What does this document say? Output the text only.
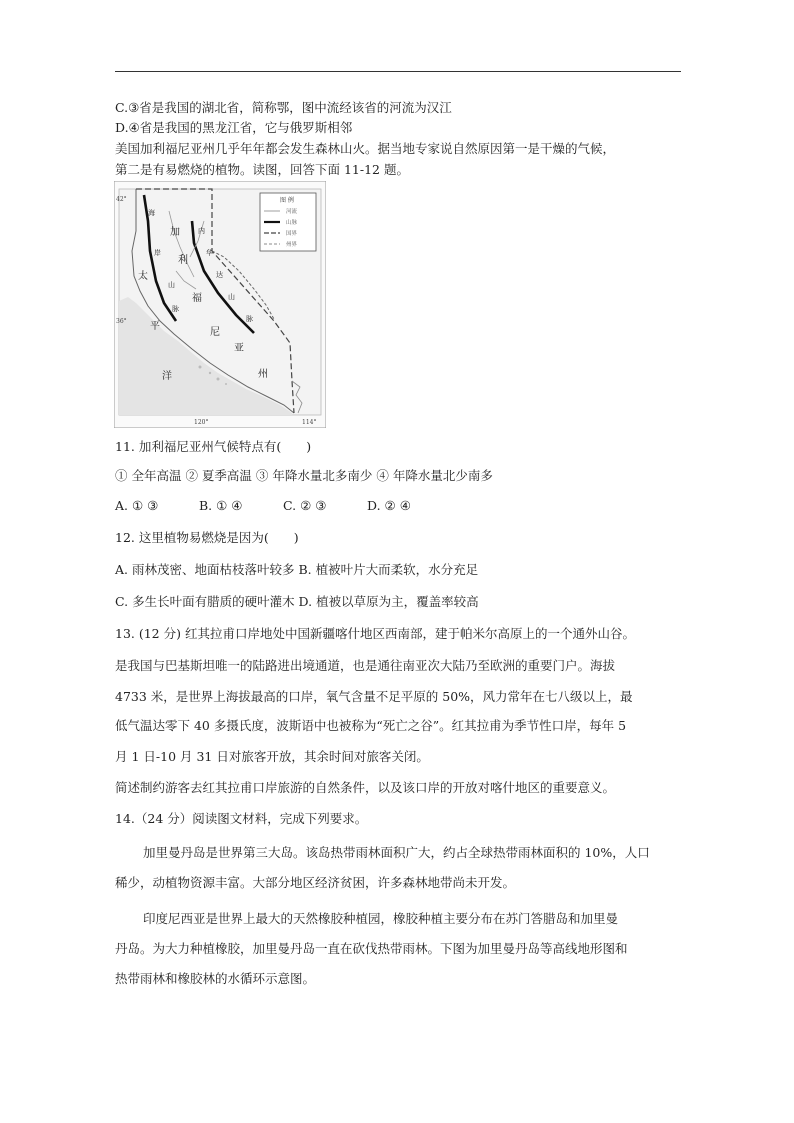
C.③省是我国的湖北省，简称鄂，图中流经该省的河流为汉江
D.④省是我国的黑龙江省，它与俄罗斯相邻
美国加利福尼亚州几乎年年都会发生森林山火。据当地专家说自然原因第一是干燥的气候，
第二是有易燃烧的植物。读图，回答下面 11-12 题。
图 例
河流
山脉
国界
州界
42°
36°
120°	114°
太
平
洋
加
利
福
尼
亚
州
海
岸
山
脉
内
华
达
山
脉
11. 加利福尼亚州气候特点有(　　)
① 全年高温 ② 夏季高温 ③ 年降水量北多南少 ④ 年降水量北少南多
A. ① ③	B. ① ④	C. ② ③	D. ② ④
12. 这里植物易燃烧是因为(　　)
A. 雨林茂密、地面枯枝落叶较多 B. 植被叶片大而柔软，水分充足
C. 多生长叶面有腊质的硬叶灌木 D. 植被以草原为主，覆盖率较高
13. (12 分) 红其拉甫口岸地处中国新疆喀什地区西南部，建于帕米尔高原上的一个通外山谷。
是我国与巴基斯坦唯一的陆路进出境通道，也是通往南亚次大陆乃至欧洲的重要门户。海拔
4733 米，是世界上海拔最高的口岸，氧气含量不足平原的 50%，风力常年在七八级以上，最
低气温达零下 40 多摄氏度，波斯语中也被称为“死亡之谷”。红其拉甫为季节性口岸，每年 5
月 1 日-10 月 31 日对旅客开放，其余时间对旅客关闭。
简述制约游客去红其拉甫口岸旅游的自然条件，以及该口岸的开放对喀什地区的重要意义。
14.（24 分）阅读图文材料，完成下列要求。
加里曼丹岛是世界第三大岛。该岛热带雨林面积广大，约占全球热带雨林面积的 10%，人口
稀少，动植物资源丰富。大部分地区经济贫困，许多森林地带尚未开发。
印度尼西亚是世界上最大的天然橡胶种植园，橡胶种植主要分布在苏门答腊岛和加里曼
丹岛。为大力种植橡胶，加里曼丹岛一直在砍伐热带雨林。下图为加里曼丹岛等高线地形图和
热带雨林和橡胶林的水循环示意图。
